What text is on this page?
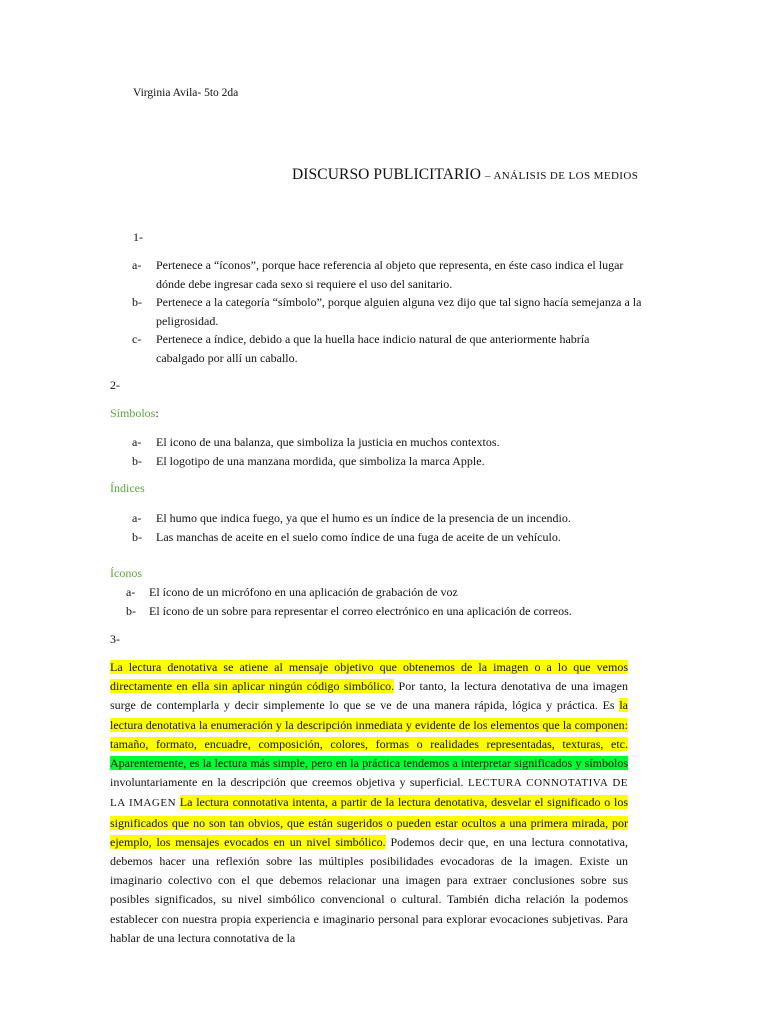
Virginia Avila- 5to 2da
DISCURSO PUBLICITARIO – ANÁLISIS DE LOS MEDIOS
1-
a- Pertenece a “íconos”, porque hace referencia al objeto que representa, en éste caso indica el lugar dónde debe ingresar cada sexo si requiere el uso del sanitario.
b- Pertenece a la categoría “símbolo”, porque alguien alguna vez dijo que tal signo hacía semejanza a la peligrosidad.
c- Pertenece a índice, debido a que la huella hace indicio natural de que anteriormente habría cabalgado por allí un caballo.
2-
Símbolos:
a- El icono de una balanza, que simboliza la justicia en muchos contextos.
b- El logotipo de una manzana mordida, que simboliza la marca Apple.
Índices
a- El humo que indica fuego, ya que el humo es un índice de la presencia de un incendio.
b- Las manchas de aceite en el suelo como índice de una fuga de aceite de un vehículo.
Íconos
a- El ícono de un micrófono en una aplicación de grabación de voz
b- El ícono de un sobre para representar el correo electrónico en una aplicación de correos.
3-
La lectura denotativa se atiene al mensaje objetivo que obtenemos de la imagen o a lo que vemos directamente en ella sin aplicar ningún código simbólico. Por tanto, la lectura denotativa de una imagen surge de contemplarla y decir simplemente lo que se ve de una manera rápida, lógica y práctica. Es la lectura denotativa la enumeración y la descripción inmediata y evidente de los elementos que la componen: tamaño, formato, encuadre, composición, colores, formas o realidades representadas, texturas, etc. Aparentemente, es la lectura más simple, pero en la práctica tendemos a interpretar significados y símbolos involuntariamente en la descripción que creemos objetiva y superficial. LECTURA CONNOTATIVA DE LA IMAGEN La lectura connotativa intenta, a partir de la lectura denotativa, desvelar el significado o los significados que no son tan obvios, que están sugeridos o pueden estar ocultos a una primera mirada, por ejemplo, los mensajes evocados en un nivel simbólico. Podemos decir que, en una lectura connotativa, debemos hacer una reflexión sobre las múltiples posibilidades evocadoras de la imagen. Existe un imaginario colectivo con el que debemos relacionar una imagen para extraer conclusiones sobre sus posibles significados, su nivel simbólico convencional o cultural. También dicha relación la podemos establecer con nuestra propia experiencia e imaginario personal para explorar evocaciones subjetivas. Para hablar de una lectura connotativa de la
